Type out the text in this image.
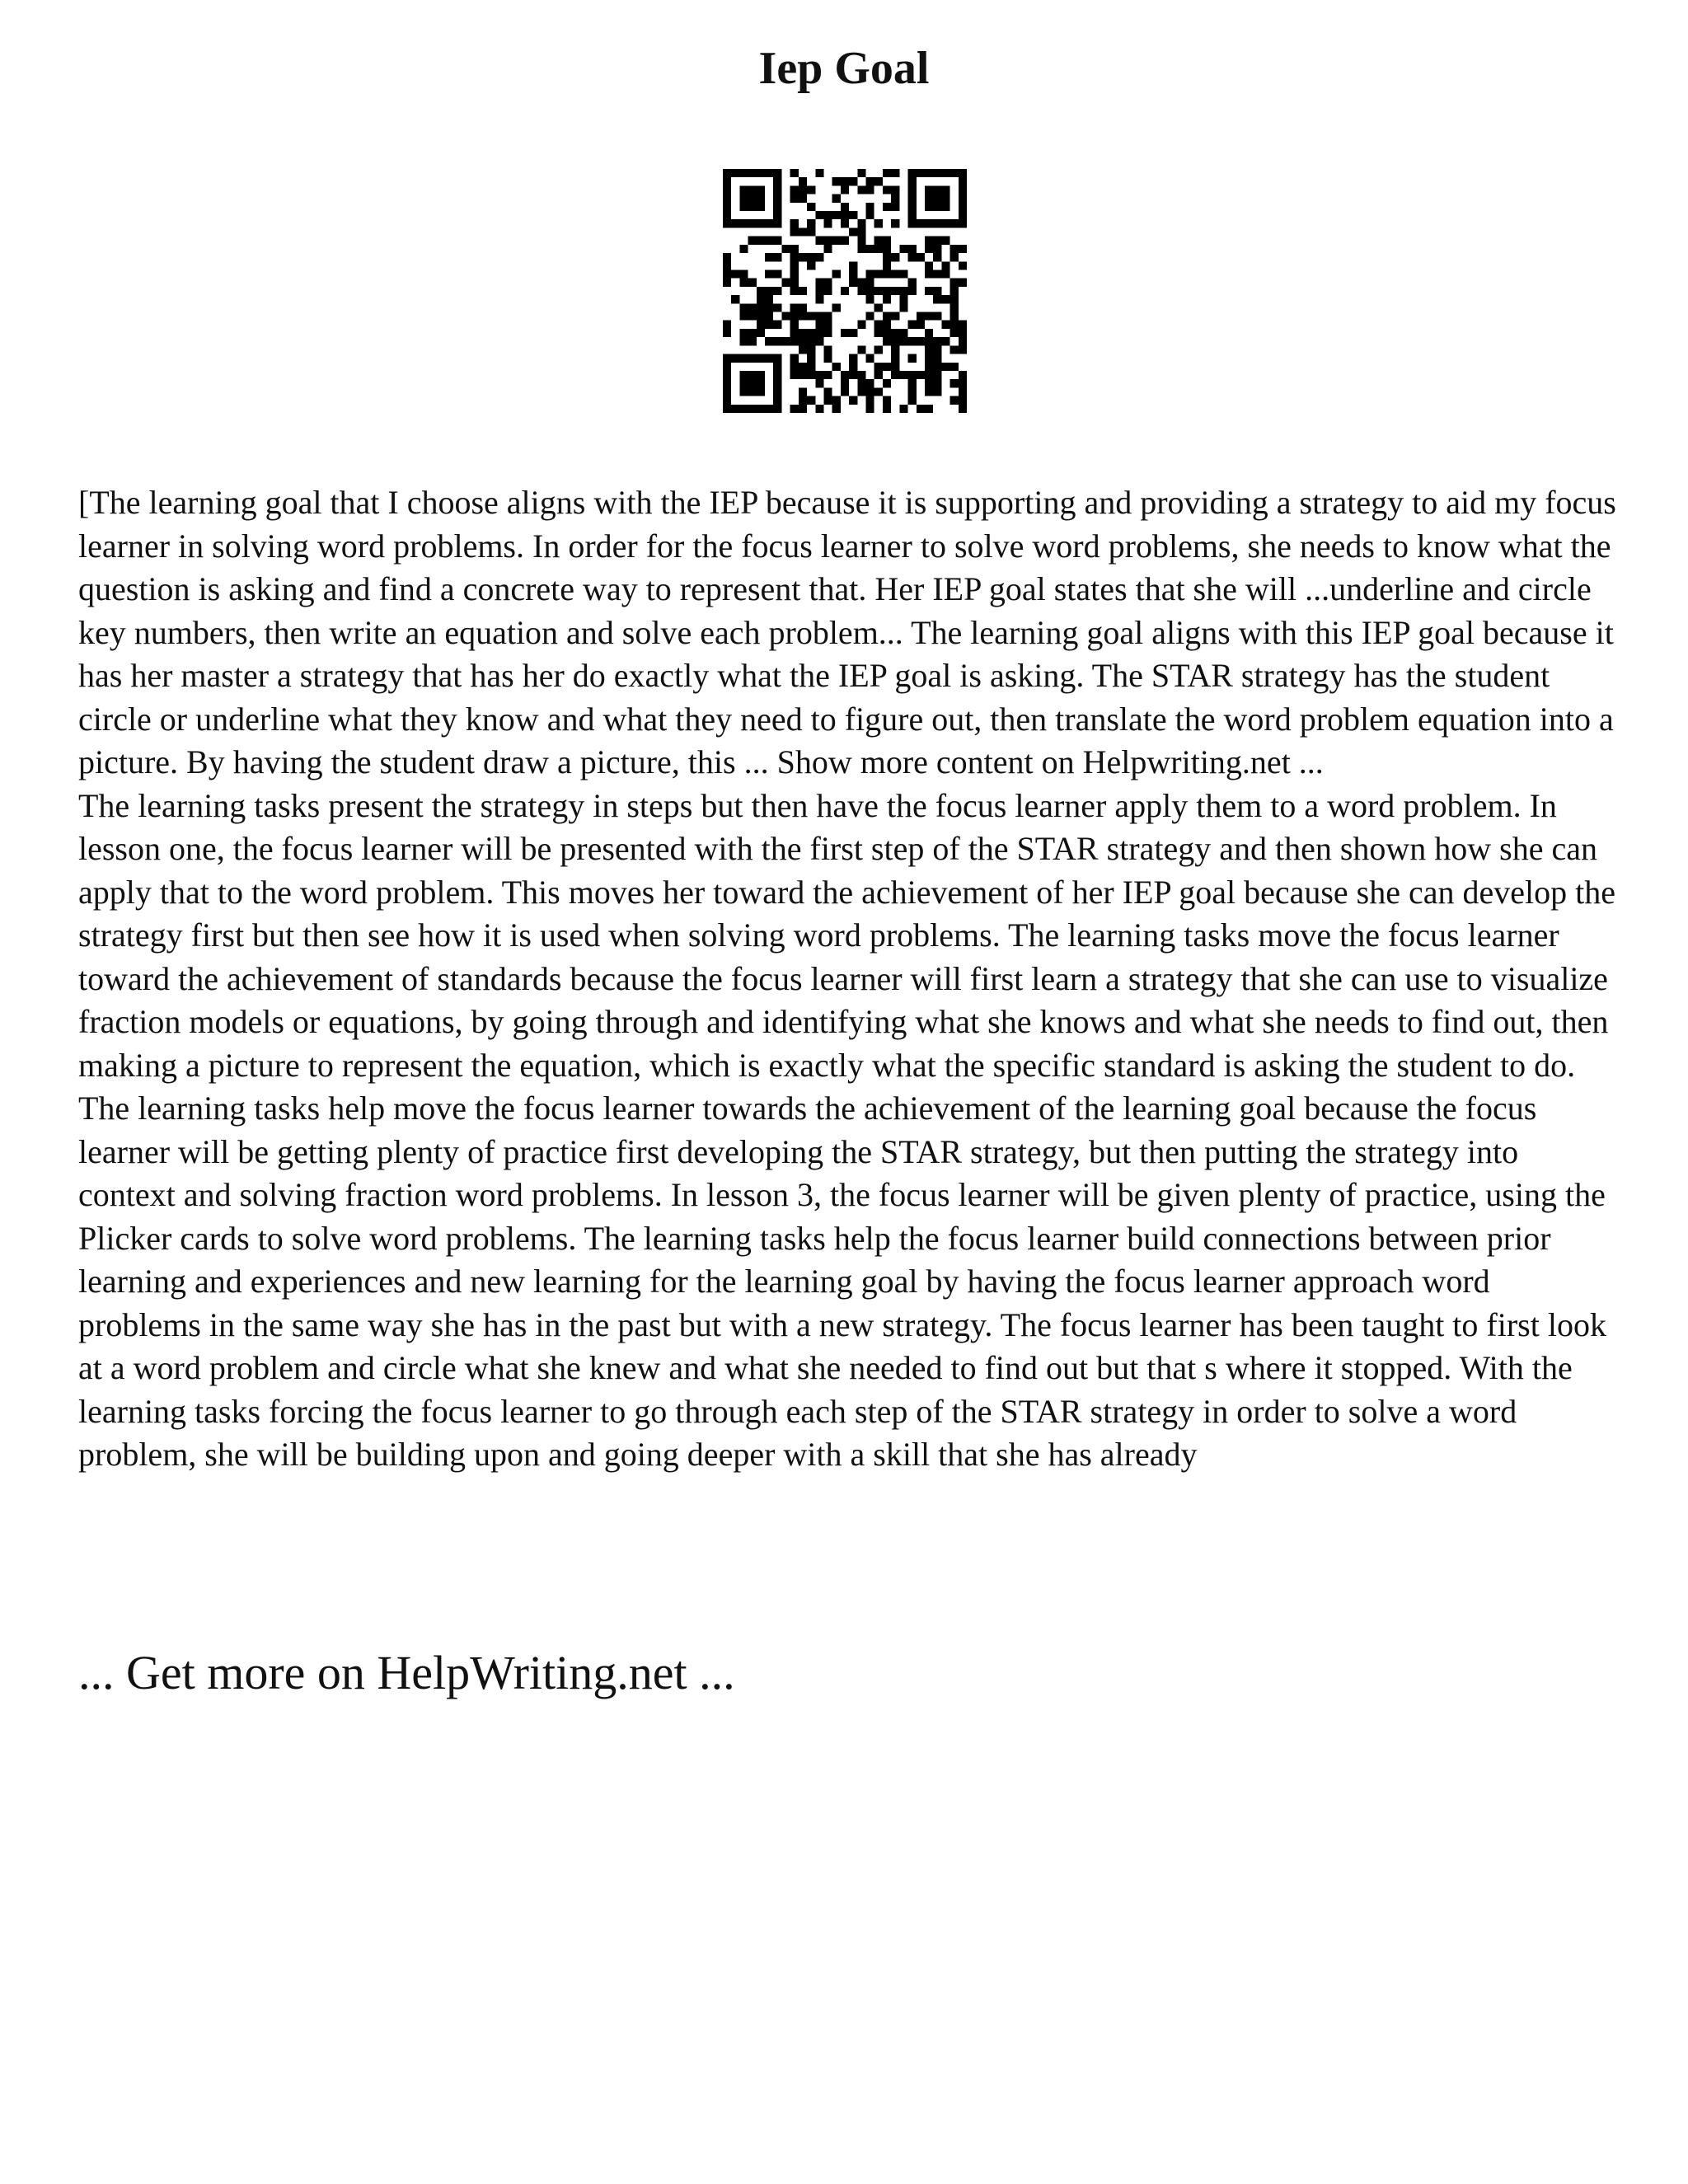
Iep Goal

[The learning goal that I choose aligns with the IEP because it is supporting and providing a strategy to aid my focus learner in solving word problems. In order for the focus learner to solve word problems, she needs to know what the question is asking and find a concrete way to represent that. Her IEP goal states that she will ...underline and circle key numbers, then write an equation and solve each problem... The learning goal aligns with this IEP goal because it has her master a strategy that has her do exactly what the IEP goal is asking. The STAR strategy has the student circle or underline what they know and what they need to figure out, then translate the word problem equation into a picture. By having the student draw a picture, this ... Show more content on Helpwriting.net ...

The learning tasks present the strategy in steps but then have the focus learner apply them to a word problem. In lesson one, the focus learner will be presented with the first step of the STAR strategy and then shown how she can apply that to the word problem. This moves her toward the achievement of her IEP goal because she can develop the strategy first but then see how it is used when solving word problems. The learning tasks move the focus learner toward the achievement of standards because the focus learner will first learn a strategy that she can use to visualize fraction models or equations, by going through and identifying what she knows and what she needs to find out, then making a picture to represent the equation, which is exactly what the specific standard is asking the student to do. The learning tasks help move the focus learner towards the achievement of the learning goal because the focus learner will be getting plenty of practice first developing the STAR strategy, but then putting the strategy into context and solving fraction word problems. In lesson 3, the focus learner will be given plenty of practice, using the Plicker cards to solve word problems. The learning tasks help the focus learner build connections between prior learning and experiences and new learning for the learning goal by having the focus learner approach word problems in the same way she has in the past but with a new strategy. The focus learner has been taught to first look at a word problem and circle what she knew and what she needed to find out but that s where it stopped. With the learning tasks forcing the focus learner to go through each step of the STAR strategy in order to solve a word problem, she will be building upon and going deeper with a skill that she has already

... Get more on HelpWriting.net ...
